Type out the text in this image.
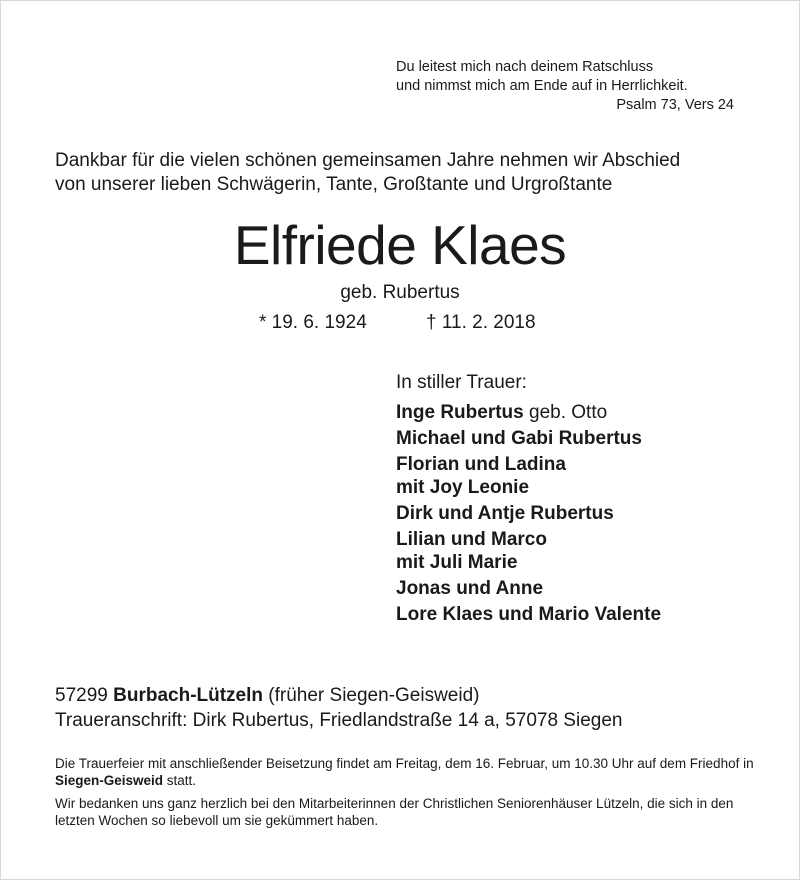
Du leitest mich nach deinem Ratschluss
und nimmst mich am Ende auf in Herrlichkeit.
Psalm 73, Vers 24
Dankbar für die vielen schönen gemeinsamen Jahre nehmen wir Abschied
von unserer lieben Schwägerin, Tante, Großtante und Urgroßtante
Elfriede Klaes
geb. Rubertus
* 19. 6. 1924	† 11. 2. 2018
In stiller Trauer:
Inge Rubertus geb. Otto
Michael und Gabi Rubertus
Florian und Ladina
mit Joy Leonie
Dirk und Antje Rubertus
Lilian und Marco
mit Juli Marie
Jonas und Anne
Lore Klaes und Mario Valente
57299 Burbach-Lützeln (früher Siegen-Geisweid)
Traueranschrift: Dirk Rubertus, Friedlandstraße 14 a, 57078 Siegen

Die Trauerfeier mit anschließender Beisetzung findet am Freitag, dem 16. Februar, um 10.30 Uhr auf dem Friedhof in Siegen-Geisweid statt.

Wir bedanken uns ganz herzlich bei den Mitarbeiterinnen der Christlichen Seniorenhäuser Lützeln, die sich in den letzten Wochen so liebevoll um sie gekümmert haben.
